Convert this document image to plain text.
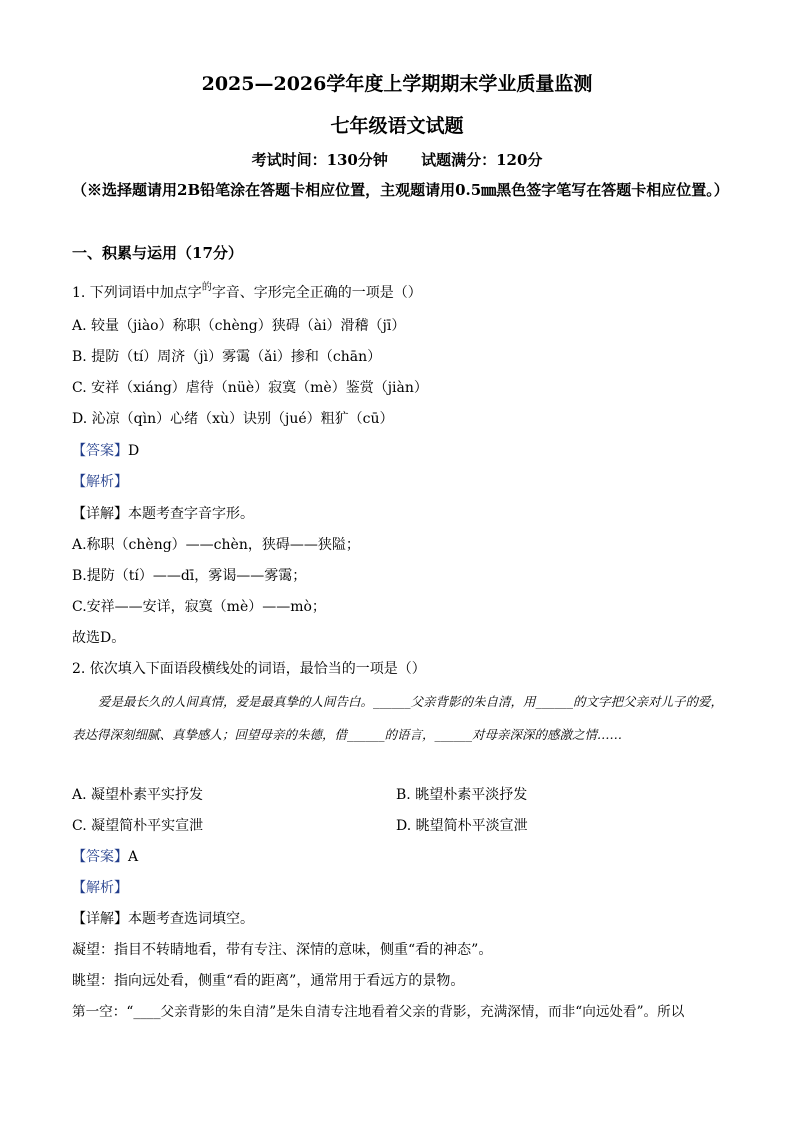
2025—2026学年度上学期期末学业质量监测
七年级语文试题
考试时间：130分钟 试题满分：120分
（※选择题请用2B铅笔涂在答题卡相应位置，主观题请用0.5㎜黑色签字笔写在答题卡相应位置。）
一、积累与运用（17分）
1. 下列词语中加点字$^的$字音、字形完全正确的一项是（）
A. 较量（jiào）称职（chèng）狭碍（ài）滑稽（jī）
B. 提防（tí）周济（jì）雾霭（ǎi）掺和（chān）
C. 安祥（xiáng）虐待（nüè）寂寞（mè）鉴赏（jiàn）
D. 沁凉（qìn）心绪（xù）诀别（jué）粗犷（cū）
【答案】D
【解析】
【详解】本题考查字音字形。
A.称职（chèng）——chèn，狭碍——狭隘；
B.提防（tí）——dī，雾谒——雾霭；
C.安祥——安详，寂寞（mè）——mò；
故选D。
2. 依次填入下面语段横线处的词语，最恰当的一项是（）
爱是最长久的人间真情，爱是最真挚的人间告白。______父亲背影的朱自清，用______的文字把父亲对儿子的爱，表达得深刻细腻、真挚感人；回望母亲的朱德，借______的语言，______对母亲深深的感激之情……
A. 凝望朴素平实抒发	B. 眺望朴素平淡抒发
C. 凝望简朴平实宣泄	D. 眺望简朴平淡宣泄
【答案】A
【解析】
【详解】本题考查选词填空。
凝望：指目不转睛地看，带有专注、深情的意味，侧重“看的神态”。
眺望：指向远处看，侧重“看的距离”，通常用于看远方的景物。
第一空：“____父亲背影的朱自清”是朱自清专注地看着父亲的背影，充满深情，而非“向远处看”。所以
